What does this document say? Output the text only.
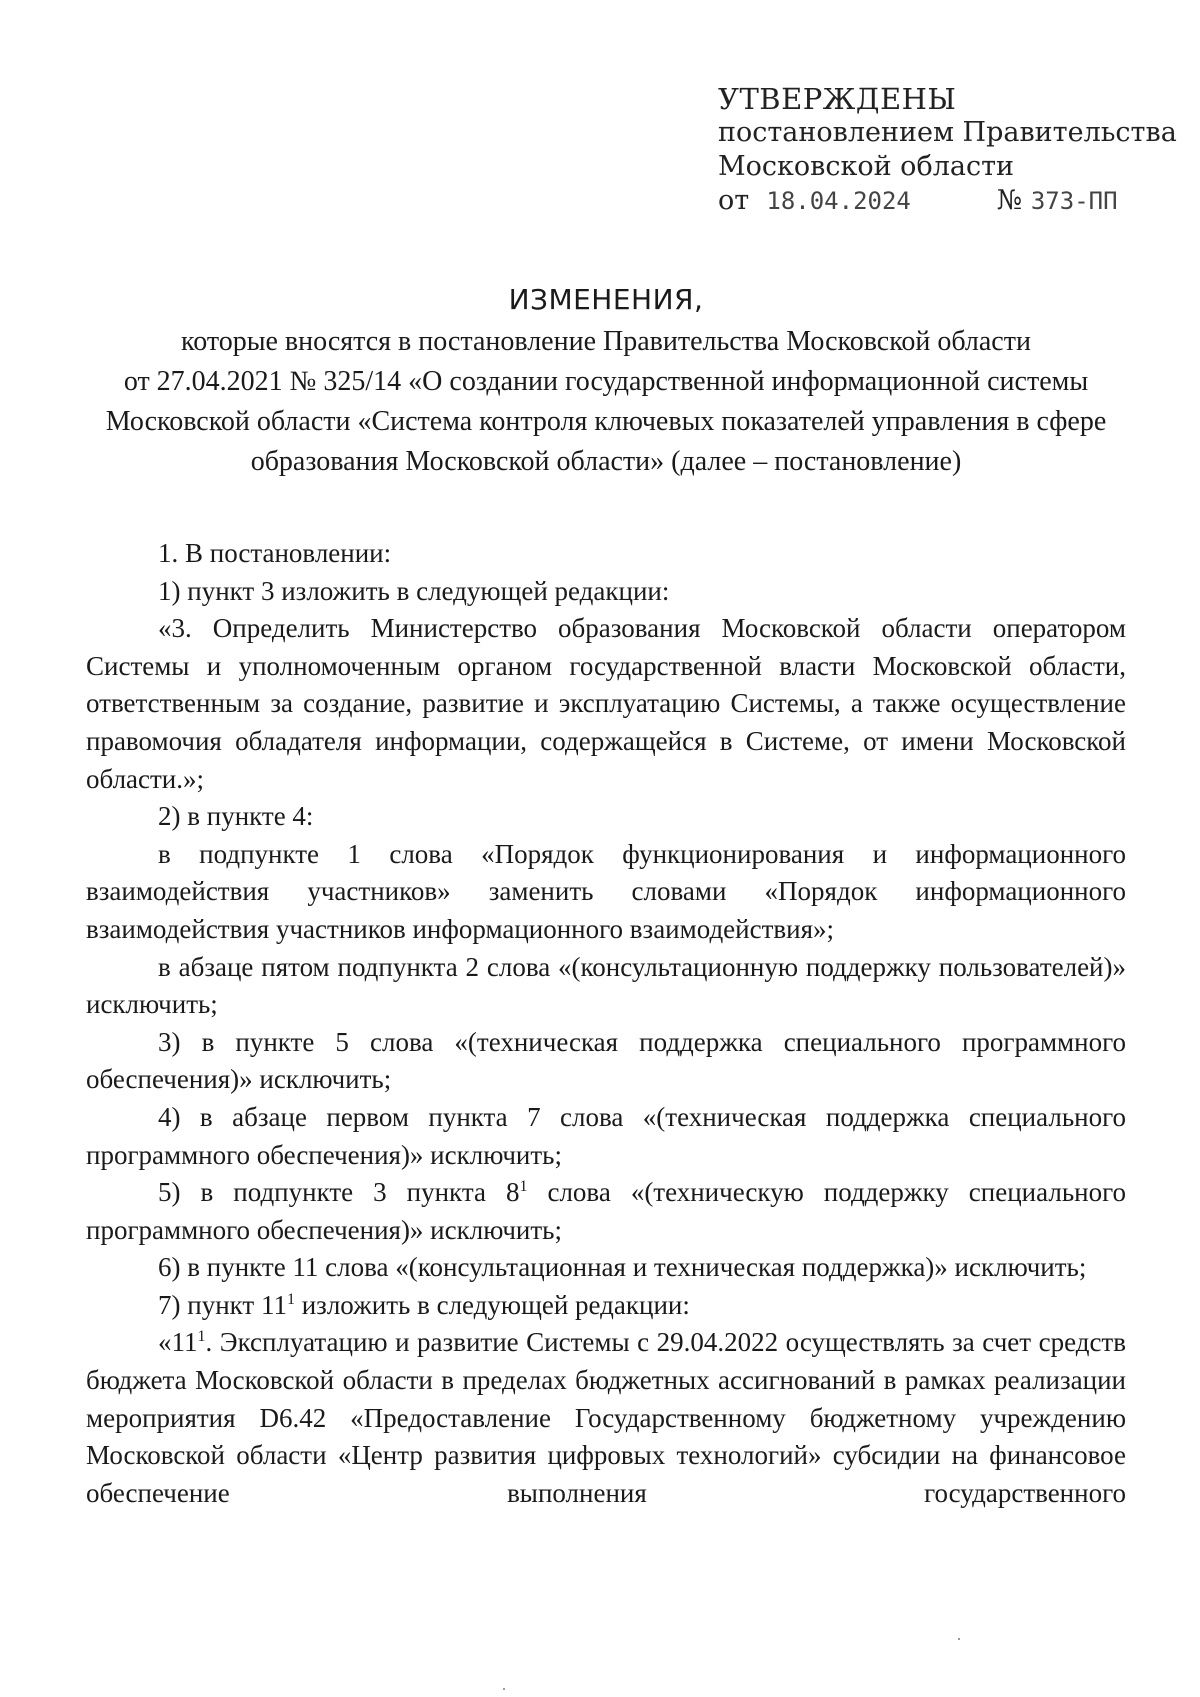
УТВЕРЖДЕНЫ
постановлением Правительства
Московской области
от 18.04.2024	№ 373-ПП
ИЗМЕНЕНИЯ,
которые вносятся в постановление Правительства Московской области
от 27.04.2021 № 325/14 «О создании государственной информационной системы
Московской области «Система контроля ключевых показателей управления в сфере
образования Московской области» (далее – постановление)

1. В постановлении:

1) пункт 3 изложить в следующей редакции:

«3. Определить Министерство образования Московской области оператором Системы и уполномоченным органом государственной власти Московской области, ответственным за создание, развитие и эксплуатацию Системы, а также осуществление правомочия обладателя информации, содержащейся в Системе, от имени Московской области.»;

2) в пункте 4:

в подпункте 1 слова «Порядок функционирования и информационного взаимодействия участников» заменить словами «Порядок информационного взаимодействия участников информационного взаимодействия»;

в абзаце пятом подпункта 2 слова «(консультационную поддержку пользователей)» исключить;

3) в пункте 5 слова «(техническая поддержка специального программного обеспечения)» исключить;

4) в абзаце первом пункта 7 слова «(техническая поддержка специального программного обеспечения)» исключить;

5) в подпункте 3 пункта $8^1$ слова «(техническую поддержку специального программного обеспечения)» исключить;

6) в пункте 11 слова «(консультационная и техническая поддержка)» исключить;

7) пункт $11^1$ изложить в следующей редакции:

«$11^1$. Эксплуатацию и развитие Системы с 29.04.2022 осуществлять за счет средств бюджета Московской области в пределах бюджетных ассигнований в рамках реализации мероприятия D6.42 «Предоставление Государственному бюджетному учреждению Московской области «Центр развития цифровых технологий» субсидии на финансовое обеспечение выполнения государственного
